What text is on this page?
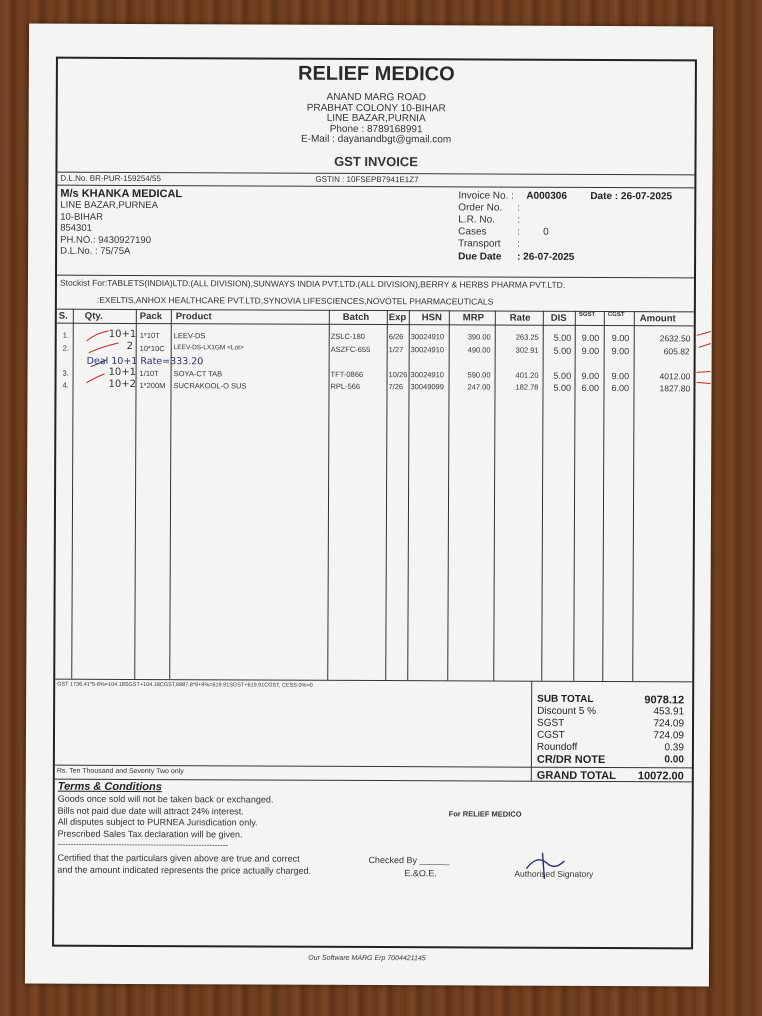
RELIEF MEDICO
ANAND MARG ROAD
PRABHAT COLONY 10-BIHAR
LINE BAZAR,PURNIA
Phone : 8789168991
E-Mail : dayanandbgt@gmail.com
GST INVOICE
D.L.No. BR-PUR-159254/55	GSTIN : 10FSEPB7941E1Z7
M/s KHANKA MEDICAL
LINE BAZAR,PURNEA
10-BIHAR
854301
PH.NO.: 9430927190
D.L.No. : 75/75A
Invoice No. : A000306 Date : 26-07-2025
Order No. :
L.R. No. :
Cases	: 0
Transport :
Due Date : 26-07-2025
Stockist For:TABLETS(INDIA)LTD.(ALL DIVISION),SUNWAYS INDIA PVT.LTD.(ALL DIVISION),BERRY & HERBS PHARMA PVT.LTD.
:EXELTIS,ANHOX HEALTHCARE PVT.LTD,SYNOVIA LIFESCIENCES,NOVOTEL PHARMACEUTICALS
S. Qty.	Pack Product	Batch Exp HSN MRP	Rate DIS SGST CGST Amount
1.	10+1 1*10T LEEV-DS	ZSLC-180	6/26 30024910	390.00	263.25 5.00 9.00 9.00	2632.50
2.	2 10*10C LEEV-DS-LX1GM <Lot>	ASZFC-655 1/27 30024910	490.00	302.91 5.00 9.00 9.00	605.82
Deal 10+1 Rate=333.20
3.	10+1 1/10T SOYA-CT TAB	TFT-0866	10/26 30024910	590.00	401.20 5.00 9.00 9.00	4012.00
4.	10+2 1*200M SUCRAKOOL-O SUS	RPL-566	7/26 30049099	247.00	182.78 5.00 6.00 6.00	1827.80
GST 1736.41*5-6%=104.18SGST+104.18CGST,6887.8*9+9%=619.91SGST+619.91CGST, CESS:0%=0
SUB TOTAL	9078.12
Discount 5 %	453.91
SGST	724.09
CGST	724.09
Roundoff	0.39
CR/DR NOTE	0.00
Rs. Ten Thousand and Seventy Two only	GRAND TOTAL 10072.00
Terms & Conditions
Goods once sold will not be taken back or exchanged.
Bills not paid due date will attract 24% interest.
All disputes subject to PURNEA Jurisdication only.
Prescribed Sales Tax declaration will be given.
----------------------------------------------------------------
Certified that the particulars given above are true and correct
and the amount indicated represents the price actually charged.
For RELIEF MEDICO
Checked By ______
E.&O.E.	Authorised Signatory
Our Software MARG Erp 7004421145
